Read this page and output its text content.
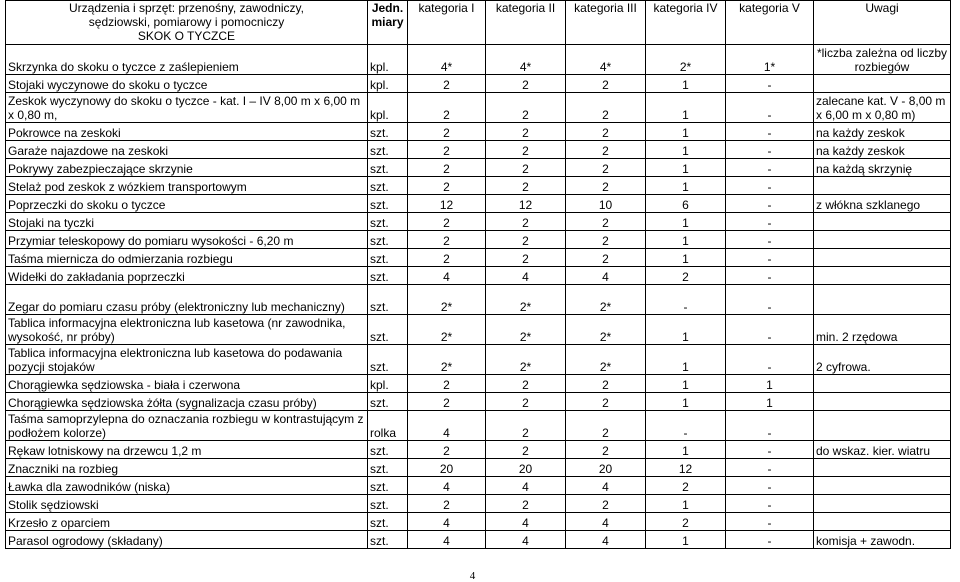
Urządzenia i sprzęt: przenośny, zawodniczy,
sędziowski, pomiarowy i pomocniczy
SKOK O TYCZCE	Jedn. miary	kategoria I	kategoria II	kategoria III	kategoria IV	kategoria V	Uwagi
Skrzynka do skoku o tyczce z zaślepieniem	kpl.	4*	4*	4*	2*	1*	*liczba zależna od liczby rozbiegów
Stojaki wyczynowe do skoku o tyczce	kpl.	2	2	2	1	-	
Zeskok wyczynowy do skoku o tyczce - kat. I – IV 8,00 m x 6,00 m x 0,80 m,	kpl.	2	2	2	1	-	zalecane kat. V - 8,00 m x 6,00 m x 0,80 m)
Pokrowce na zeskoki	szt.	2	2	2	1	-	na każdy zeskok
Garaże najazdowe na zeskoki	szt.	2	2	2	1	-	na każdy zeskok
Pokrywy zabezpieczające skrzynie	szt.	2	2	2	1	-	na każdą skrzynię
Stelaż pod zeskok z wózkiem transportowym	szt.	2	2	2	1	-	
Poprzeczki do skoku o tyczce	szt.	12	12	10	6	-	z włókna szklanego
Stojaki na tyczki	szt.	2	2	2	1	-	
Przymiar teleskopowy do pomiaru wysokości - 6,20 m	szt.	2	2	2	1	-	
Taśma miernicza do odmierzania rozbiegu	szt.	2	2	2	1	-	
Widełki do zakładania poprzeczki	szt.	4	4	4	2	-	
Zegar do pomiaru czasu próby (elektroniczny lub mechaniczny)	szt.	2*	2*	2*	-	-	
Tablica informacyjna elektroniczna lub kasetowa (nr zawodnika, wysokość, nr próby)	szt.	2*	2*	2*	1	-	min. 2 rzędowa
Tablica informacyjna elektroniczna lub kasetowa do podawania pozycji stojaków	szt.	2*	2*	2*	1	-	2 cyfrowa.
Chorągiewka sędziowska - biała i czerwona	kpl.	2	2	2	1	1	
Chorągiewka sędziowska żółta (sygnalizacja czasu próby)	szt.	2	2	2	1	1	
Taśma samoprzylepna do oznaczania rozbiegu w kontrastującym z podłożem kolorze)	rolka	4	2	2	-	-	
Rękaw lotniskowy na drzewcu 1,2 m	szt.	2	2	2	1	-	do wskaz. kier. wiatru
Znaczniki na rozbieg	szt.	20	20	20	12	-	
Ławka dla zawodników (niska)	szt.	4	4	4	2	-	
Stolik sędziowski	szt.	2	2	2	1	-	
Krzesło z oparciem	szt.	4	4	4	2	-	
Parasol ogrodowy (składany)	szt.	4	4	4	1	-	komisja + zawodn.
4
